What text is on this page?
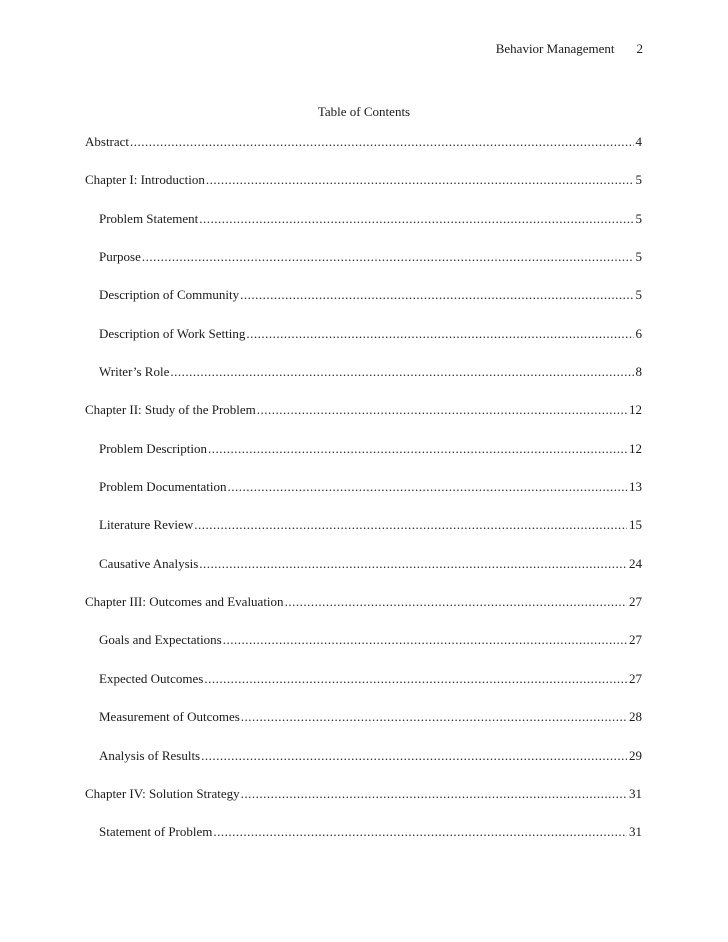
Behavior Management 2
Table of Contents
Abstract .....	4
Chapter I: Introduction .....	5
Problem Statement .....	5
Purpose .....	5
Description of Community .....	5
Description of Work Setting .....	6
Writer’s Role .....	8
Chapter II: Study of the Problem .....	12
Problem Description .....	12
Problem Documentation .....	13
Literature Review .....	15
Causative Analysis .....	24
Chapter III: Outcomes and Evaluation .....	27
Goals and Expectations .....	27
Expected Outcomes .....	27
Measurement of Outcomes .....	28
Analysis of Results .....	29
Chapter IV: Solution Strategy .....	31
Statement of Problem .....	31
